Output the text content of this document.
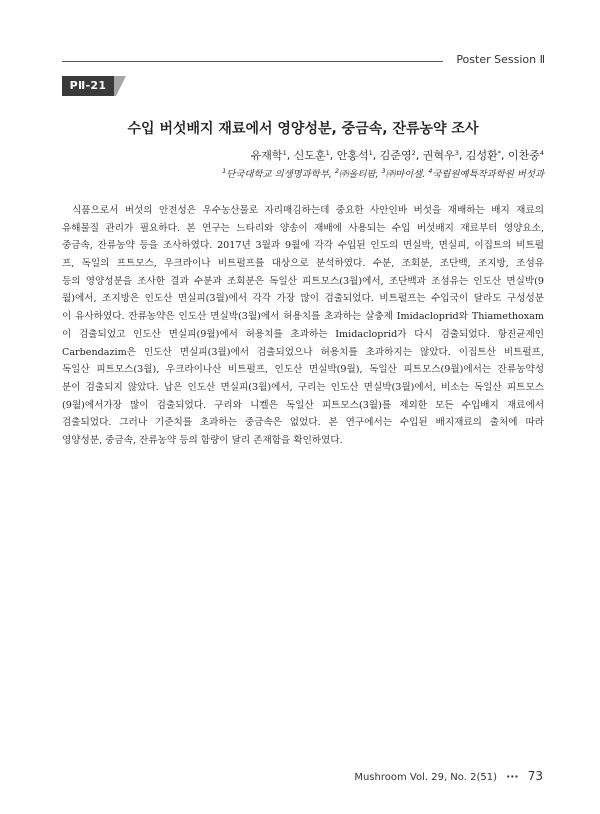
Poster Session Ⅱ
PⅡ-21
수입 버섯배지 재료에서 영양성분, 중금속, 잔류농약 조사
유재학$^1$, 신도훈$^1$, 안홍석$^1$, 김준영$^2$, 권혁우$^3$, 김성환*, 이찬중$^4$
$^1$단국대학교 의생명과학부, $^2$㈜올티팜, $^3$㈜마이셀. $^4$국립원예특작과학원 버섯과
식품으로서 버섯의 안전성은 우수농산물로 자리매김하는데 중요한 사안인바 버섯을 재배하는 배지 재료의
유해물질 관리가 필요하다. 본 연구는 느타리와 양송이 재배에 사용되는 수입 버섯배지 재료부터 영양요소,
중금속, 잔류농약 등을 조사하였다. 2017년 3월과 9월에 각각 수입된 인도의 면실박, 면실피, 이집트의 비트펄
프, 독일의 프트모스, 우크라이나 비트펄프를 대상으로 분석하였다. 수분, 조회분, 조단백, 조지방, 조섬유
등의 영양성분을 조사한 결과 수분과 조회분은 독일산 피트모스(3월)에서, 조단백과 조섬유는 인도산 면실박(9
월)에서, 조지방은 인도산 면실피(3월)에서 각각 가장 많이 검출되었다. 비트펄프는 수입국이 달라도 구성성분
이 유사하였다. 잔류농약은 인도산 면실박(3월)에서 허용치를 초과하는 살충제 Imidacloprid와 Thiamethoxam
이 검출되었고 인도산 면실피(9월)에서 허용치를 초과하는 Imidacloprid가 다시 검출되었다. 항진균제인
Carbendazim은 인도산 면실피(3월)에서 검출되었으나 허용치를 초과하지는 않았다. 이집트산 비트펄프,
독일산 피트모스(3월), 우크라이나산 비트펄프, 인도산 면실박(9월), 독일산 피트모스(9월)에서는 잔류농약성
분이 검출되지 않았다. 납은 인도산 면실피(3월)에서, 구리는 인도산 면실박(3월)에서, 비소는 독일산 피트모스
(9월)에서가장 많이 검출되었다. 구리와 니켈은 독일산 피트모스(3월)를 제외한 모든 수입배지 재료에서
검출되었다. 그러나 기준치를 초과하는 중금속은 없었다. 본 연구에서는 수입된 배지재료의 출처에 따라
영양성분, 중금속, 잔류농약 등의 함량이 달리 존재함을 확인하였다.
Mushroom Vol. 29, No. 2(51) ··· 73
